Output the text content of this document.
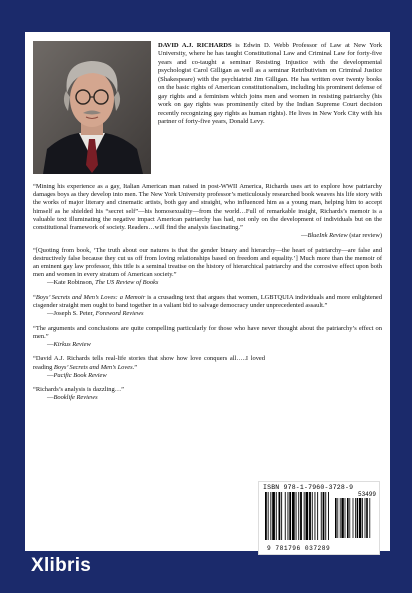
DAVID A.J. RICHARDS is Edwin D. Webb Professor of Law at New York University, where he has taught Constitutional Law and Criminal Law for forty-five years and co-taught a seminar Resisting Injustice with the developmental psychologist Carol Gilligan as well as a seminar Retributivism on Criminal Justice (Shakespeare) with the psychiatrist Jim Gilligan. He has written over twenty books on the basic rights of American constitutionalism, including his prominent defense of gay rights and a feminism which joins men and women in resisting patriarchy (his work on gay rights was prominently cited by the Indian Supreme Court decision recently recognizing gay rights as human rights). He lives in New York City with his partner of forty-five years, Donald Levy.

“Mining his experience as a gay, Italian American man raised in post-WWII America, Richards uses art to explore how patriarchy damages boys as they develop into men. The New York University professor’s meticulously researched book weaves his life story with the works of major literary and cinematic artists, both gay and straight, who influenced him as a young man, helping him to accept himself as he shielded his “secret self”—his homosexuality—from the world…Full of remarkable insight, Richards’s memoir is a valuable text illuminating the negative impact American patriarchy has had, not only on the development of individuals but on the constitutional framework of society. Readers…will find the analysis fascinating.”
—BlueInk Review (star review)

“[Quoting from book, ‘The truth about our natures is that the gender binary and hierarchy—the heart of patriarchy—are false and destructively false because they cut us off from loving relationships based on freedom and equality.’] Much more than the memoir of an eminent gay law professor, this title is a seminal treatise on the history of hierarchical patriarchy and the corrosive effect upon both men and women in every stratum of American society.”
—Kate Robinson, The US Review of Books

“Boys’ Secrets and Men’s Loves: a Memoir is a crusading text that argues that women, LGBTQUIA individuals and more enlightened cisgender straight men ought to band together in a valiant bid to salvage democracy under unprecedented assault.”
—Joseph S. Peter, Foreword Reviews

“The arguments and conclusions are quite compelling particularly for those who have never thought about the patriarchy’s effect on men.”
—Kirkus Review

“David A.J. Richards tells real-life stories that show how love conquers all…..I loved reading Boys’ Secrets and Men’s Loves.”
—Pacific Book Review

“Richards’s analysis is dazzling…”
—Booklife Reviews

ISBN 978-1-7960-3728-9
53499
9 781796 037289
Xlibris
